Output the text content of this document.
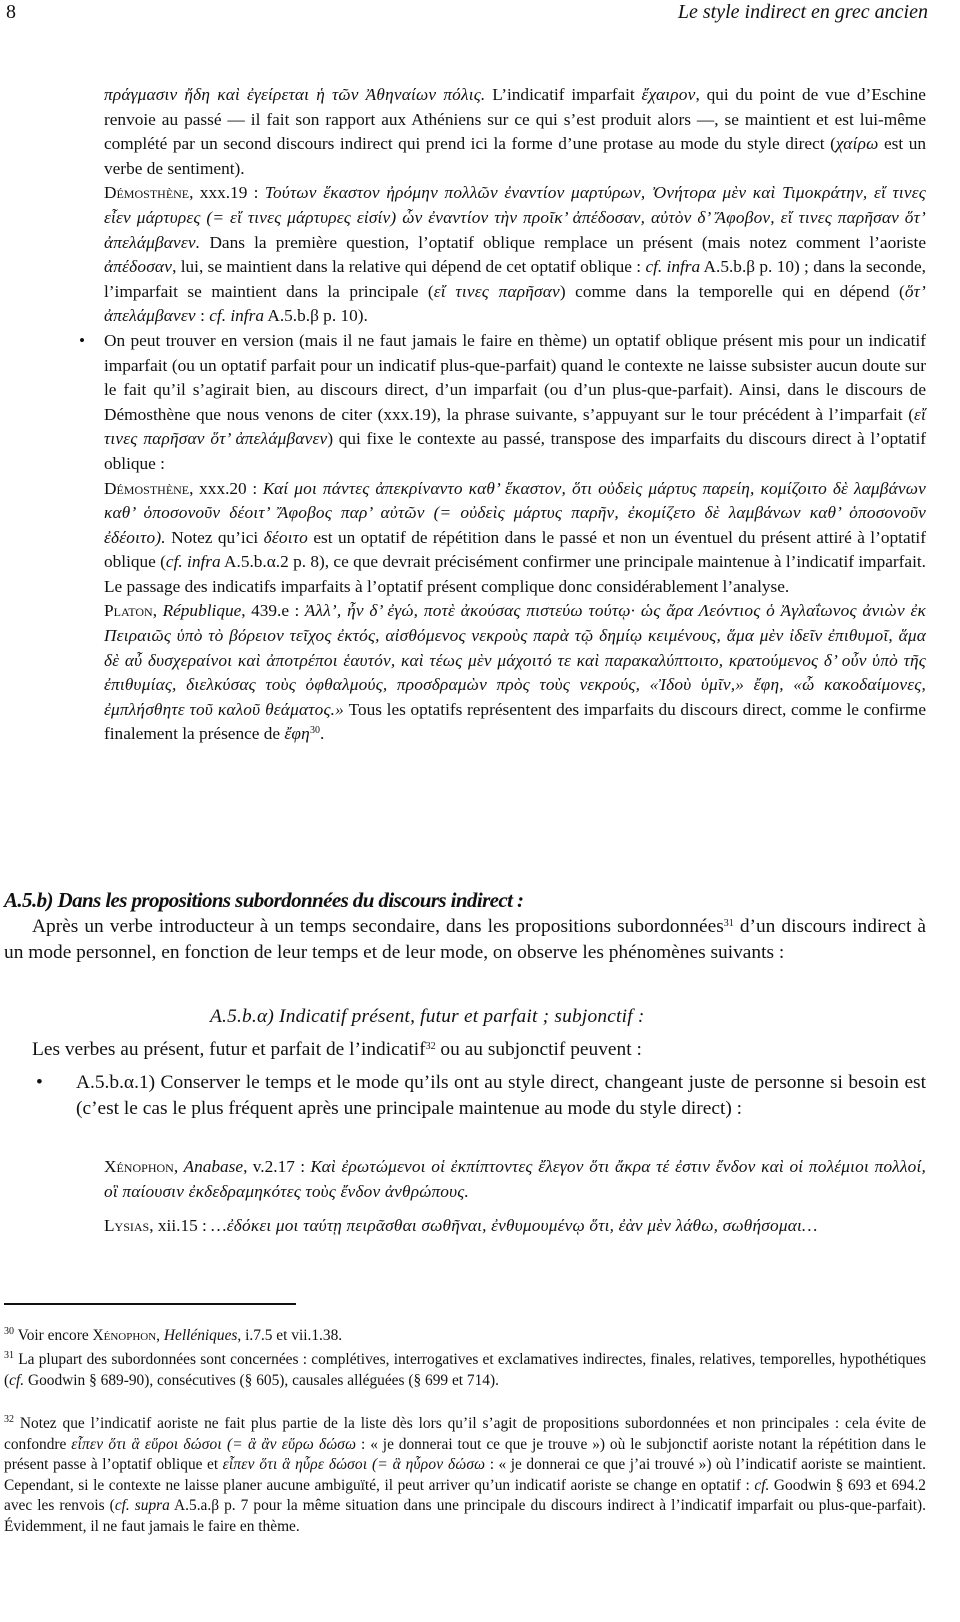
8	Le style indirect en grec ancien

πράγμασιν ἤδη καὶ ἐγείρεται ἡ τῶν Ἀθηναίων πόλις. L’indicatif imparfait ἔχαιρον, qui du point de vue d’Eschine renvoie au passé — il fait son rapport aux Athéniens sur ce qui s’est produit alors —, se maintient et est lui-même complété par un second discours indirect qui prend ici la forme d’une protase au mode du style direct (χαίρω est un verbe de sentiment).

Démosthène, xxx.19 : Τούτων ἕκαστον ἠρόμην πολλῶν ἐναντίον μαρτύρων, Ὀνήτορα μὲν καὶ Τιμοκράτην, εἴ τινες εἶεν μάρτυρες (= εἴ τινες μάρτυρες εἰσίν) ὧν ἐναντίον τὴν προῖκ’ ἀπέδοσαν, αὐτὸν δ’ Ἄφοβον, εἴ τινες παρῆσαν ὅτ’ ἀπελάμβανεν. Dans la première question, l’optatif oblique remplace un présent (mais notez comment l’aoriste ἀπέδοσαν, lui, se maintient dans la relative qui dépend de cet optatif oblique : cf. infra A.5.b.β p. 10) ; dans la seconde, l’imparfait se maintient dans la principale (εἴ τινες παρῆσαν) comme dans la temporelle qui en dépend (ὅτ’ ἀπελάμβανεν : cf. infra A.5.b.β p. 10).

• On peut trouver en version (mais il ne faut jamais le faire en thème) un optatif oblique présent mis pour un indicatif imparfait (ou un optatif parfait pour un indicatif plus-que-parfait) quand le contexte ne laisse subsister aucun doute sur le fait qu’il s’agirait bien, au discours direct, d’un imparfait (ou d’un plus-que-parfait). Ainsi, dans le discours de Démosthène que nous venons de citer (xxx.19), la phrase suivante, s’appuyant sur le tour précédent à l’imparfait (εἴ τινες παρῆσαν ὅτ’ ἀπελάμβανεν) qui fixe le contexte au passé, transpose des imparfaits du discours direct à l’optatif oblique :

Démosthène, xxx.20 : Καί μοι πάντες ἀπεκρίναντο καθ’ ἕκαστον, ὅτι οὐδεὶς μάρτυς παρείη, κομίζοιτο δὲ λαμβάνων καθ’ ὁποσονοῦν δέοιτ’ Ἄφοβος παρ’ αὐτῶν (= οὐδεὶς μάρτυς παρῆν, ἐκομίζετο δὲ λαμβάνων καθ’ ὁποσονοῦν ἐδέοιτο). Notez qu’ici δέοιτο est un optatif de répétition dans le passé et non un éventuel du présent attiré à l’optatif oblique (cf. infra A.5.b.α.2 p. 8), ce que devrait précisément confirmer une principale maintenue à l’indicatif imparfait. Le passage des indicatifs imparfaits à l’optatif présent complique donc considérablement l’analyse.

Platon, République, 439.e : Ἀλλ’, ἦν δ’ ἐγώ, ποτὲ ἀκούσας πιστεύω τούτῳ· ὡς ἄρα Λεόντιος ὁ Ἀγλαΐωνος ἀνιὼν ἐκ Πειραιῶς ὑπὸ τὸ βόρειον τεῖχος ἐκτός, αἰσθόμενος νεκροὺς παρὰ τῷ δημίῳ κειμένους, ἅμα μὲν ἰδεῖν ἐπιθυμοῖ, ἅμα δὲ αὖ δυσχεραίνοι καὶ ἀποτρέποι ἑαυτόν, καὶ τέως μὲν μάχοιτό τε καὶ παρακαλύπτοιτο, κρατούμενος δ’ οὖν ὑπὸ τῆς ἐπιθυμίας, διελκύσας τοὺς ὀφθαλμούς, προσδραμὼν πρὸς τοὺς νεκρούς, «Ἰδοὺ ὑμῖν,» ἔφη, «ὦ κακοδαίμονες, ἐμπλήσθητε τοῦ καλοῦ θεάματος.» Tous les optatifs représentent des imparfaits du discours direct, comme le confirme finalement la présence de ἔφη$^{30}$.

A.5.b) Dans les propositions subordonnées du discours indirect :
Après un verbe introducteur à un temps secondaire, dans les propositions subordonnées$^{31}$ d’un discours indirect à un mode personnel, en fonction de leur temps et de leur mode, on observe les phénomènes suivants :
A.5.b.α) Indicatif présent, futur et parfait ; subjonctif :
Les verbes au présent, futur et parfait de l’indicatif$^{32}$ ou au subjonctif peuvent :
• A.5.b.α.1) Conserver le temps et le mode qu’ils ont au style direct, changeant juste de personne si besoin est (c’est le cas le plus fréquent après une principale maintenue au mode du style direct) :
Xénophon, Anabase, v.2.17 : Καὶ ἐρωτώμενοι οἱ ἐκπίπτοντες ἔλεγον ὅτι ἄκρα τέ ἐστιν ἔνδον καὶ οἱ πολέμιοι πολλοί, οἳ παίουσιν ἐκδεδραμηκότες τοὺς ἔνδον ἀνθρώπους.
Lysias, xii.15 : …ἐδόκει μοι ταύτῃ πειρᾶσθαι σωθῆναι, ἐνθυμουμένῳ ὅτι, ἐὰν μὲν λάθω, σωθήσομαι…
$^{30}$ Voir encore Xénophon, Helléniques, i.7.5 et vii.1.38.
$^{31}$ La plupart des subordonnées sont concernées : complétives, interrogatives et exclamatives indirectes, finales, relatives, temporelles, hypothétiques (cf. Goodwin § 689-90), consécutives (§ 605), causales alléguées (§ 699 et 714).
$^{32}$ Notez que l’indicatif aoriste ne fait plus partie de la liste dès lors qu’il s’agit de propositions subordonnées et non principales : cela évite de confondre εἶπεν ὅτι ἃ εὕροι δώσοι (= ἃ ἂν εὕρω δώσω : « je donnerai tout ce que je trouve ») où le subjonctif aoriste notant la répétition dans le présent passe à l’optatif oblique et εἶπεν ὅτι ἃ ηὗρε δώσοι (= ἃ ηὗρον δώσω : « je donnerai ce que j’ai trouvé ») où l’indicatif aoriste se maintient. Cependant, si le contexte ne laisse planer aucune ambiguïté, il peut arriver qu’un indicatif aoriste se change en optatif : cf. Goodwin § 693 et 694.2 avec les renvois (cf. supra A.5.a.β p. 7 pour la même situation dans une principale du discours indirect à l’indicatif imparfait ou plus-que-parfait). Évidemment, il ne faut jamais le faire en thème.
